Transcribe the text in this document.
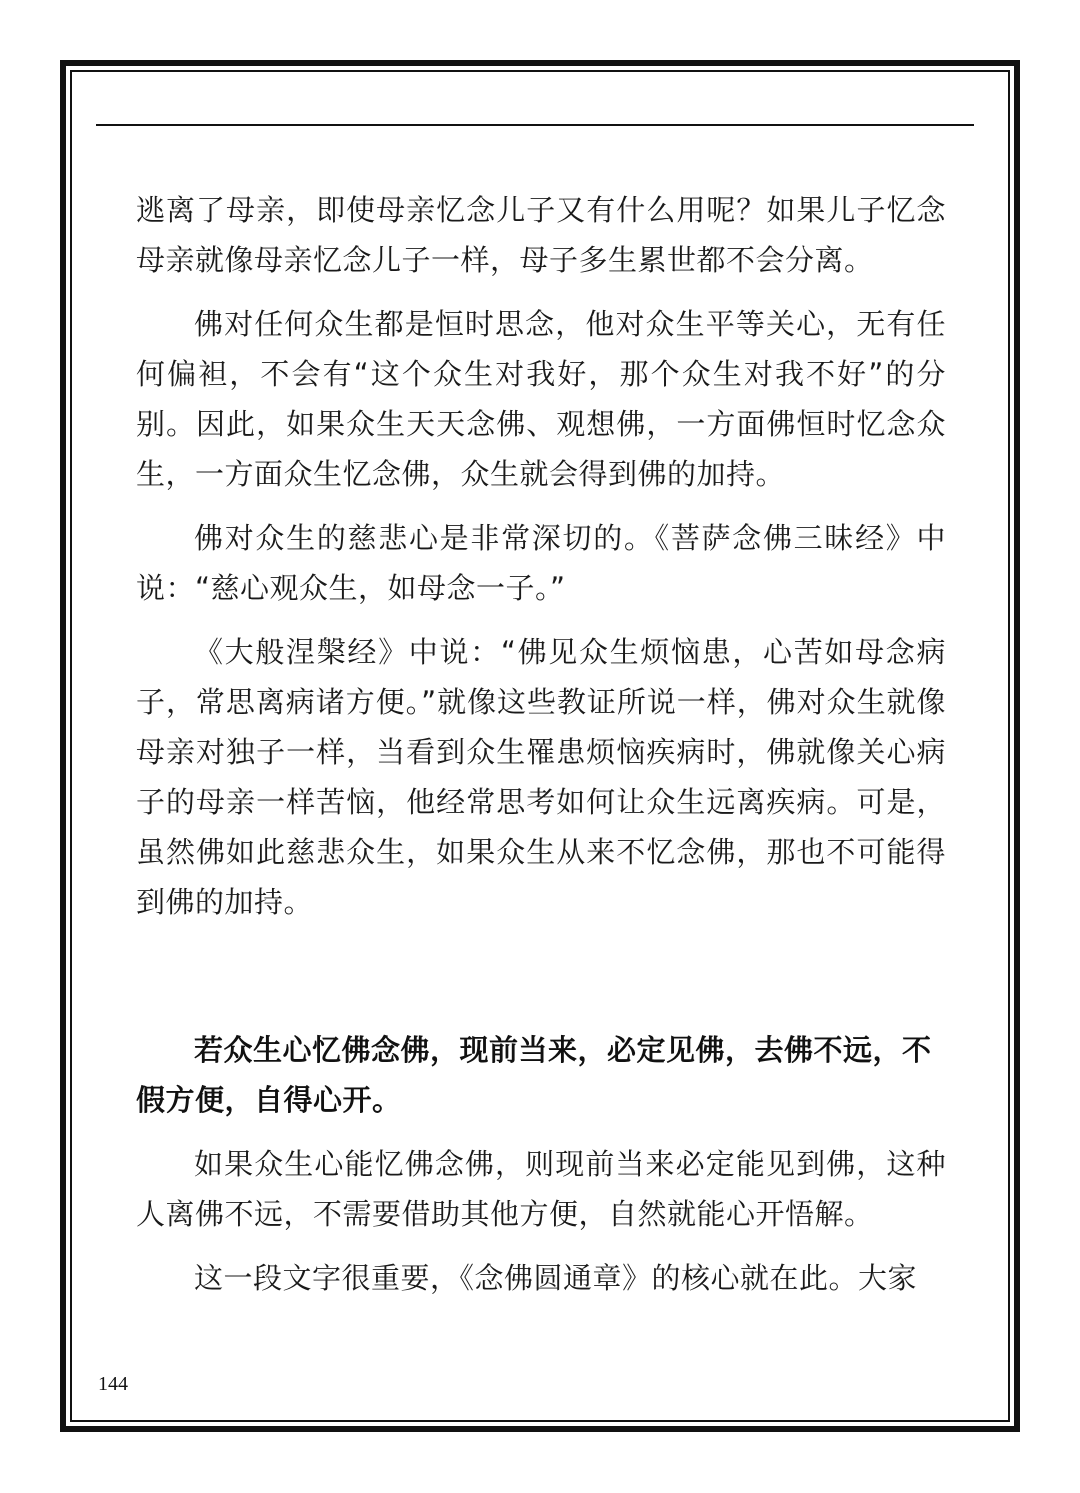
逃离了母亲，即使母亲忆念儿子又有什么用呢？如果儿子忆念母亲就像母亲忆念儿子一样，母子多生累世都不会分离。

佛对任何众生都是恒时思念，他对众生平等关心，无有任何偏袒，不会有“这个众生对我好，那个众生对我不好”的分别。因此，如果众生天天念佛、观想佛，一方面佛恒时忆念众生，一方面众生忆念佛，众生就会得到佛的加持。

佛对众生的慈悲心是非常深切的。《菩萨念佛三昧经》中说：“慈心观众生，如母念一子。”

《大般涅槃经》中说：“佛见众生烦恼患，心苦如母念病子，常思离病诸方便。”就像这些教证所说一样，佛对众生就像母亲对独子一样，当看到众生罹患烦恼疾病时，佛就像关心病子的母亲一样苦恼，他经常思考如何让众生远离疾病。可是，虽然佛如此慈悲众生，如果众生从来不忆念佛，那也不可能得到佛的加持。

若众生心忆佛念佛，现前当来，必定见佛，去佛不远，不假方便，自得心开。

如果众生心能忆佛念佛，则现前当来必定能见到佛，这种人离佛不远，不需要借助其他方便，自然就能心开悟解。

这一段文字很重要，《念佛圆通章》的核心就在此。大家

144
